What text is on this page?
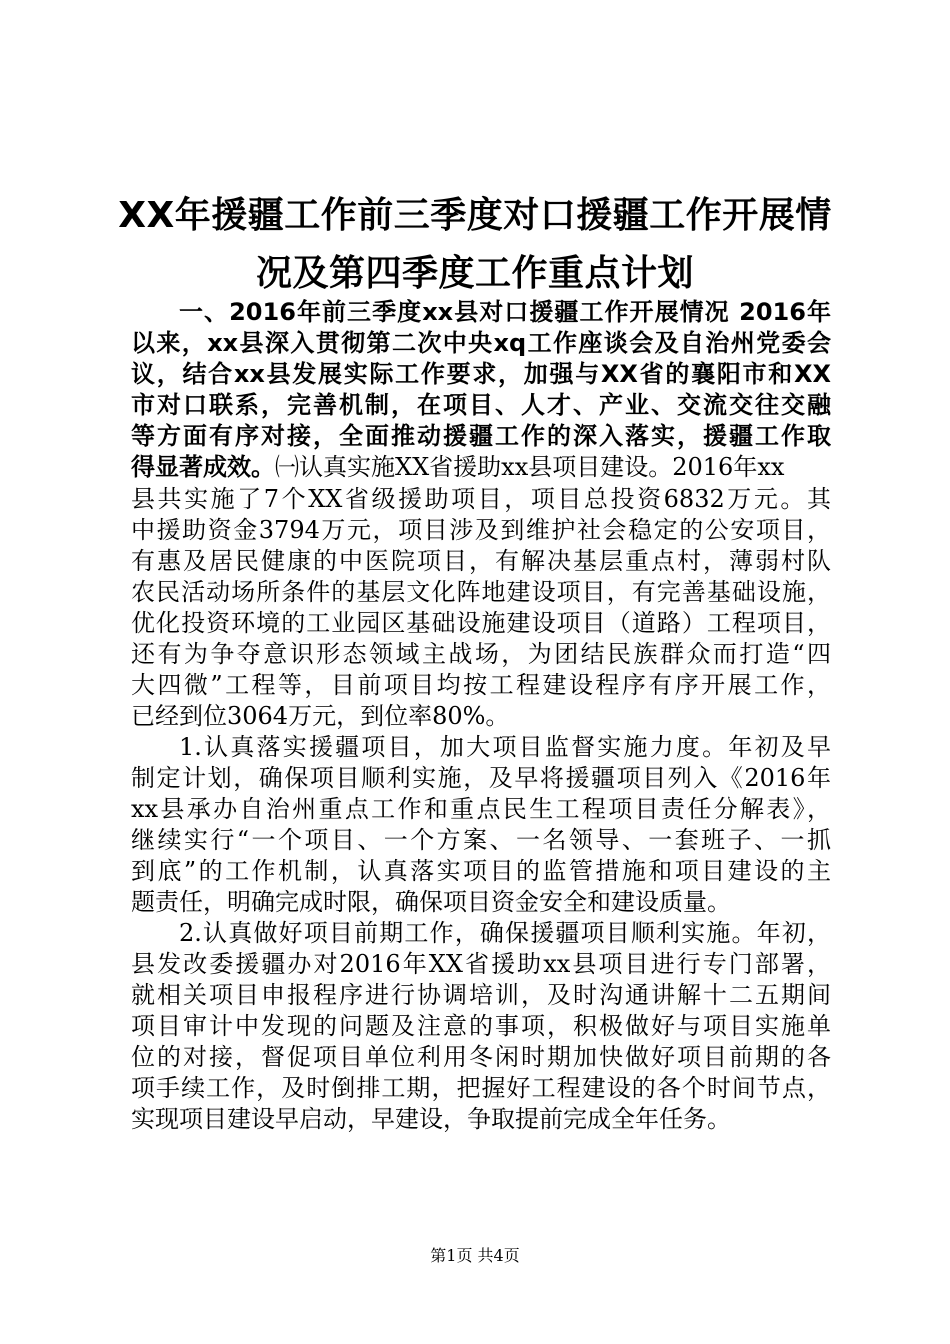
XX年援疆工作前三季度对口援疆工作开展情
况及第四季度工作重点计划
一、2016年前三季度xx县对口援疆工作开展情况 2016年
以来，xx县深入贯彻第二次中央xq工作座谈会及自治州党委会
议，结合xx县发展实际工作要求，加强与XX省的襄阳市和XX
市对口联系，完善机制，在项目、人才、产业、交流交往交融
等方面有序对接，全面推动援疆工作的深入落实，援疆工作取
得显著成效。㈠认真实施XX省援助xx县项目建设。2016年xx
县共实施了7个XX省级援助项目，项目总投资6832万元。其
中援助资金3794万元，项目涉及到维护社会稳定的公安项目，
有惠及居民健康的中医院项目，有解决基层重点村，薄弱村队
农民活动场所条件的基层文化阵地建设项目，有完善基础设施，
优化投资环境的工业园区基础设施建设项目（道路）工程项目，
还有为争夺意识形态领域主战场，为团结民族群众而打造“四
大四微”工程等，目前项目均按工程建设程序有序开展工作，
已经到位3064万元，到位率80%。
1.认真落实援疆项目，加大项目监督实施力度。年初及早
制定计划，确保项目顺利实施，及早将援疆项目列入《2016年
xx县承办自治州重点工作和重点民生工程项目责任分解表》，
继续实行“一个项目、一个方案、一名领导、一套班子、一抓
到底”的工作机制，认真落实项目的监管措施和项目建设的主
题责任，明确完成时限，确保项目资金安全和建设质量。
2.认真做好项目前期工作，确保援疆项目顺利实施。年初，
县发改委援疆办对2016年XX省援助xx县项目进行专门部署，
就相关项目申报程序进行协调培训，及时沟通讲解十二五期间
项目审计中发现的问题及注意的事项，积极做好与项目实施单
位的对接，督促项目单位利用冬闲时期加快做好项目前期的各
项手续工作，及时倒排工期，把握好工程建设的各个时间节点，
实现项目建设早启动，早建设，争取提前完成全年任务。
第1页 共4页
